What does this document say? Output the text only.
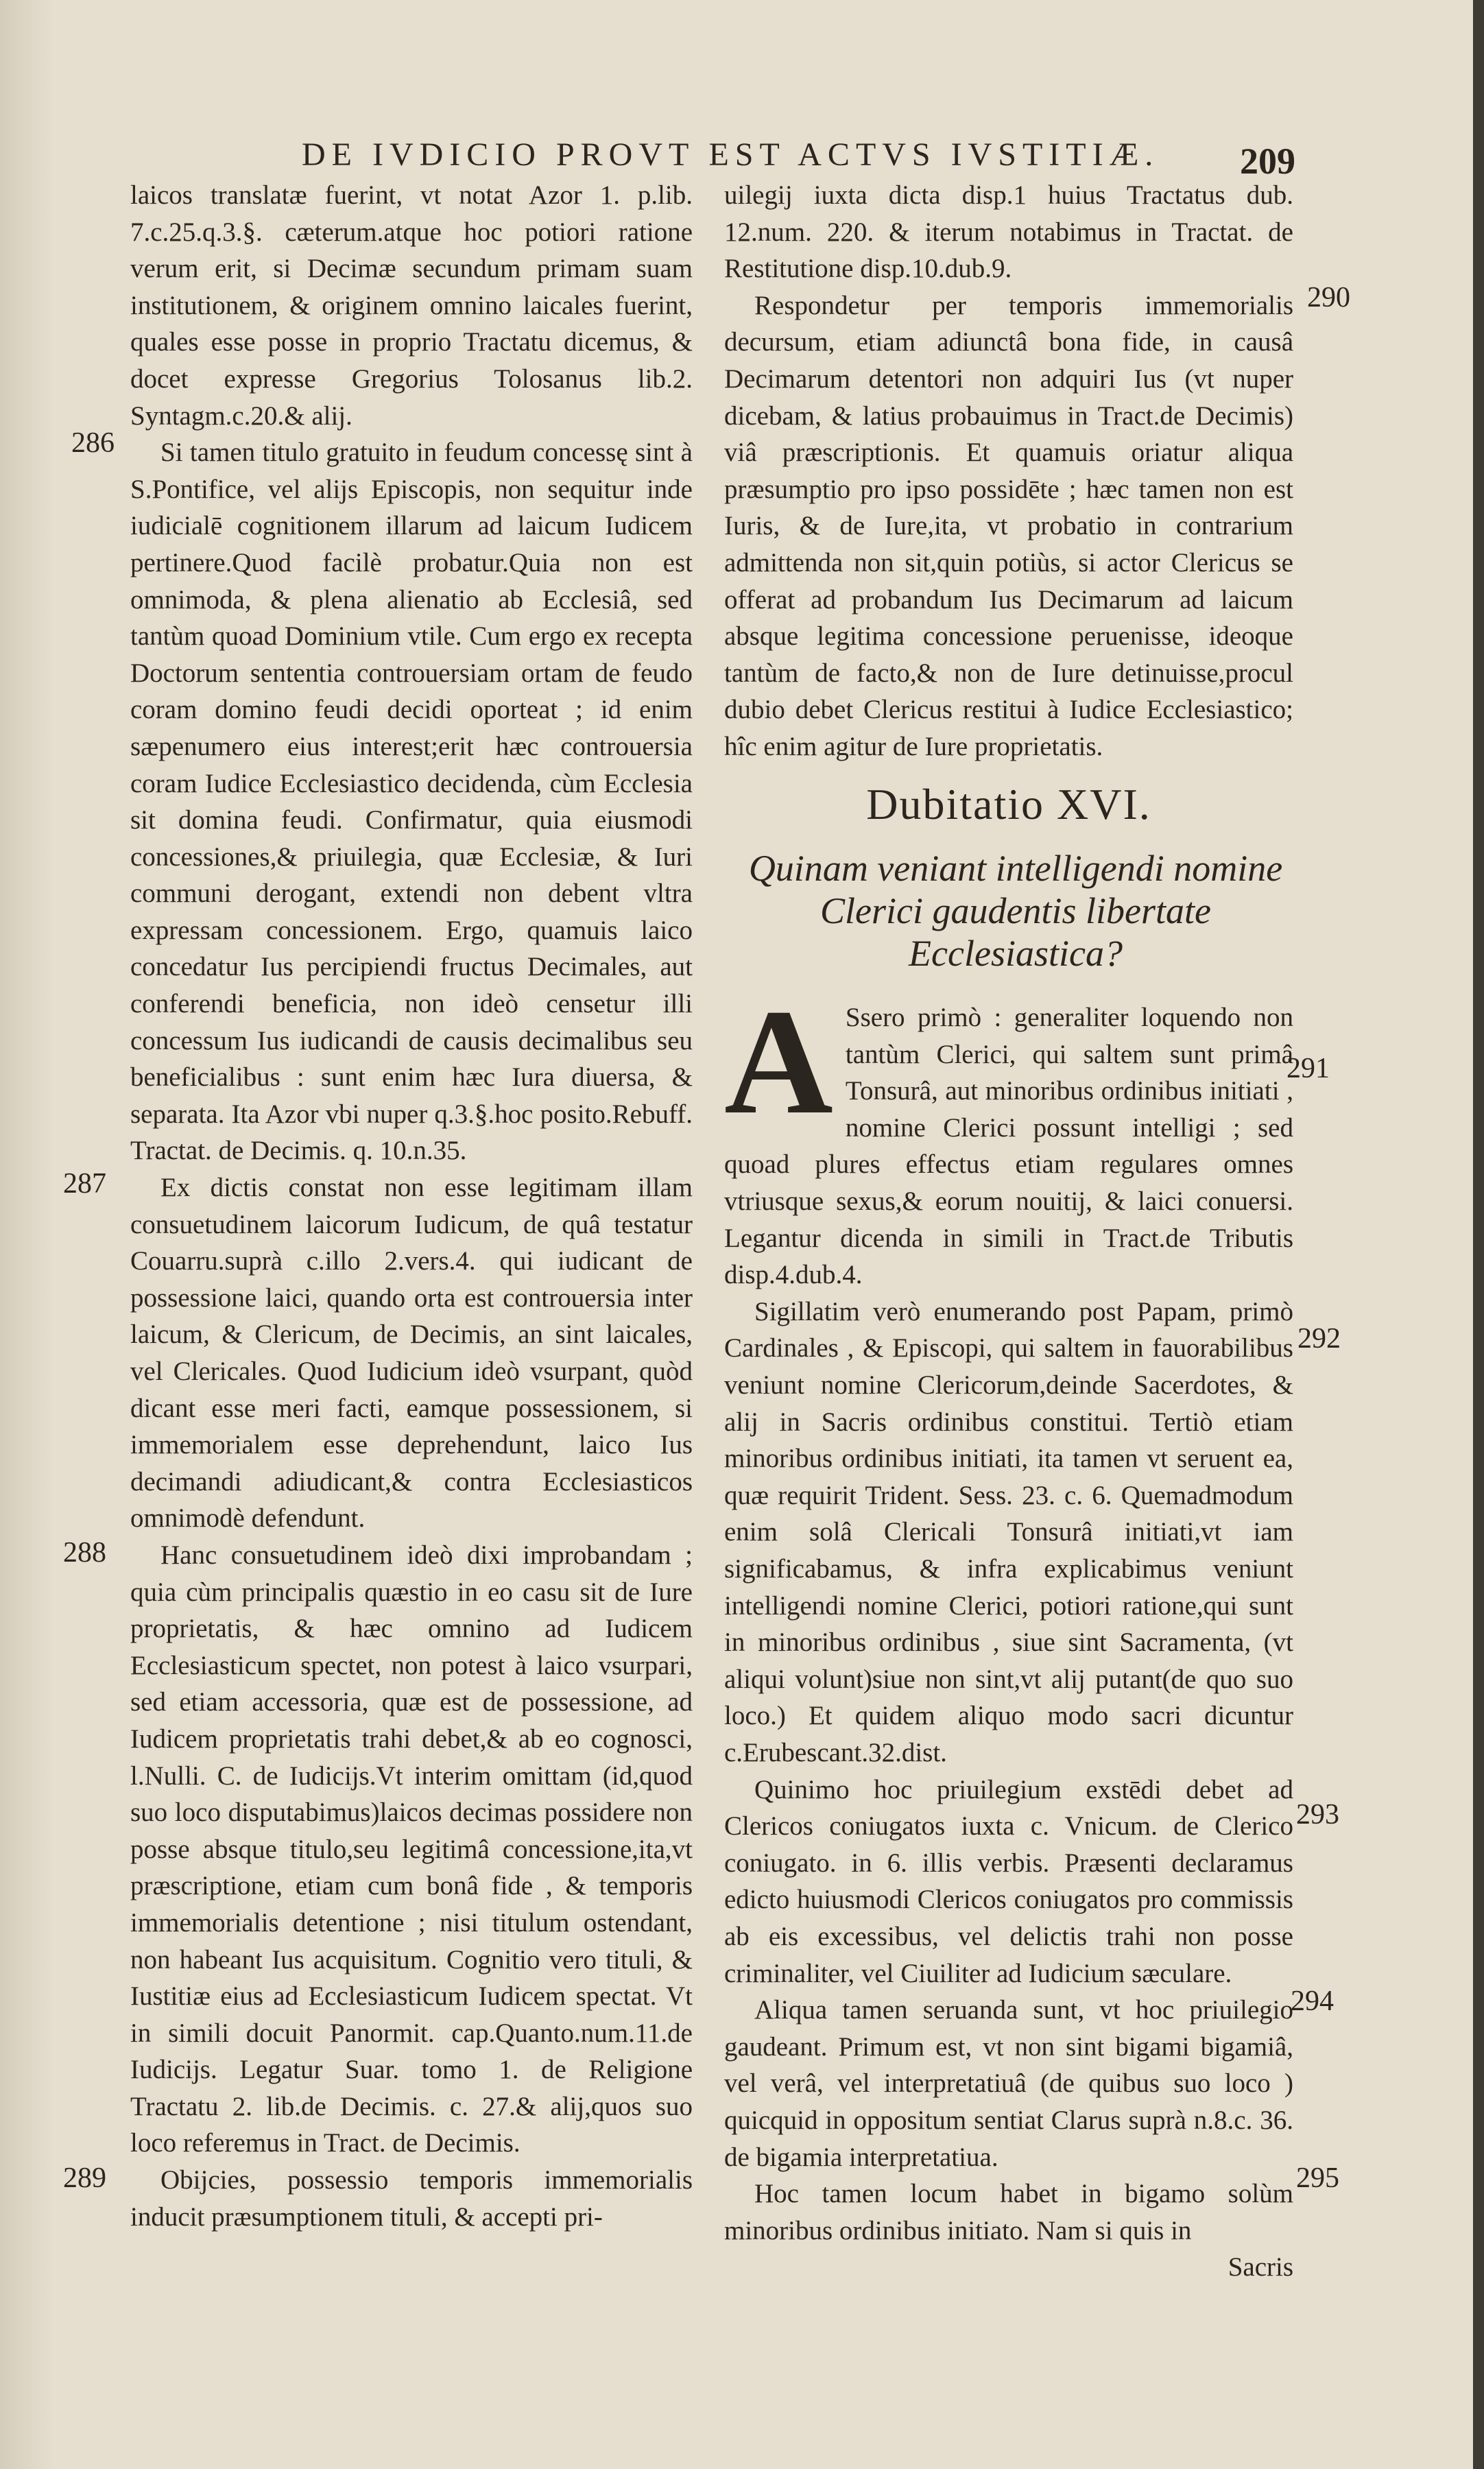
DE IVDICIO PROVT EST ACTVS IVSTITIÆ.	209
286
287
288
289
290
291
292
293
294
295

laicos translatæ fuerint, vt notat Azor 1. p.lib. 7.c.25.q.3.§. cæterum.atque hoc potiori ratione verum erit, si Decimæ secundum primam suam institutionem, & originem omnino laicales fuerint, quales esse posse in proprio Tractatu dicemus, & docet expresse Gregorius Tolosanus lib.2. Syntagm.c.20.& alij.

Si tamen titulo gratuito in feudum concessę sint à S.Pontifice, vel alijs Episcopis, non sequitur inde iudicialē cognitionem illarum ad laicum Iudicem pertinere.Quod facilè probatur.Quia non est omnimoda, & plena alienatio ab Ecclesiâ, sed tantùm quoad Dominium vtile. Cum ergo ex recepta Doctorum sententia controuersiam ortam de feudo coram domino feudi decidi oporteat ; id enim sæpenumero eius interest;erit hæc controuersia coram Iudice Ecclesiastico decidenda, cùm Ecclesia sit domina feudi. Confirmatur, quia eiusmodi concessiones,& priuilegia, quæ Ecclesiæ, & Iuri communi derogant, extendi non debent vltra expressam concessionem. Ergo, quamuis laico concedatur Ius percipiendi fructus Decimales, aut conferendi beneficia, non ideò censetur illi concessum Ius iudicandi de causis decimalibus seu beneficialibus : sunt enim hæc Iura diuersa, & separata. Ita Azor vbi nuper q.3.§.hoc posito.Rebuff. Tractat. de Decimis. q. 10.n.35.

Ex dictis constat non esse legitimam illam consuetudinem laicorum Iudicum, de quâ testatur Couarru.suprà c.illo 2.vers.4. qui iudicant de possessione laici, quando orta est controuersia inter laicum, & Clericum, de Decimis, an sint laicales, vel Clericales. Quod Iudicium ideò vsurpant, quòd dicant esse meri facti, eamque possessionem, si immemorialem esse deprehendunt, laico Ius decimandi adiudicant,& contra Ecclesiasticos omnimodè defendunt.

Hanc consuetudinem ideò dixi improbandam ; quia cùm principalis quæstio in eo casu sit de Iure proprietatis, & hæc omnino ad Iudicem Ecclesiasticum spectet, non potest à laico vsurpari, sed etiam accessoria, quæ est de possessione, ad Iudicem proprietatis trahi debet,& ab eo cognosci, l.Nulli. C. de Iudicijs.Vt interim omittam (id,quod suo loco disputabimus)laicos decimas possidere non posse absque titulo,seu legitimâ concessione,ita,vt præscriptione, etiam cum bonâ fide , & temporis immemorialis detentione ; nisi titulum ostendant, non habeant Ius acquisitum. Cognitio vero tituli, & Iustitiæ eius ad Ecclesiasticum Iudicem spectat. Vt in simili docuit Panormit. cap.Quanto.num.11.de Iudicijs. Legatur Suar. tomo 1. de Religione Tractatu 2. lib.de Decimis. c. 27.& alij,quos suo loco referemus in Tract. de Decimis.

Obijcies, possessio temporis immemorialis inducit præsumptionem tituli, & accepti pri-

uilegij iuxta dicta disp.1 huius Tractatus dub. 12.num. 220. & iterum notabimus in Tractat. de Restitutione disp.10.dub.9.

Respondetur per temporis immemorialis decursum, etiam adiunctâ bona fide, in causâ Decimarum detentori non adquiri Ius (vt nuper dicebam, & latius probauimus in Tract.de Decimis) viâ præscriptionis. Et quamuis oriatur aliqua præsumptio pro ipso possidēte ; hæc tamen non est Iuris, & de Iure,ita, vt probatio in contrarium admittenda non sit,quin potiùs, si actor Clericus se offerat ad probandum Ius Decimarum ad laicum absque legitima concessione peruenisse, ideoque tantùm de facto,& non de Iure detinuisse,procul dubio debet Clericus restitui à Iudice Ecclesiastico; hîc enim agitur de Iure proprietatis.

Dubitatio XVI.
Quinam veniant intelligendi nomine Clerici gaudentis libertate Ecclesiastica?

A Ssero primò : generaliter loquendo non tantùm Clerici, qui saltem sunt primâ Tonsurâ, aut minoribus ordinibus initiati , nomine Clerici possunt intelligi ; sed quoad plures effectus etiam regulares omnes vtriusque sexus,& eorum nouitij, & laici conuersi. Legantur dicenda in simili in Tract.de Tributis disp.4.dub.4.

Sigillatim verò enumerando post Papam, primò Cardinales , & Episcopi, qui saltem in fauorabilibus veniunt nomine Clericorum,deinde Sacerdotes, & alij in Sacris ordinibus constitui. Tertiò etiam minoribus ordinibus initiati, ita tamen vt seruent ea, quæ requirit Trident. Sess. 23. c. 6. Quemadmodum enim solâ Clericali Tonsurâ initiati,vt iam significabamus, & infra explicabimus veniunt intelligendi nomine Clerici, potiori ratione,qui sunt in minoribus ordinibus , siue sint Sacramenta, (vt aliqui volunt)siue non sint,vt alij putant(de quo suo loco.) Et quidem aliquo modo sacri dicuntur c.Erubescant.32.dist.

Quinimo hoc priuilegium exstēdi debet ad Clericos coniugatos iuxta c. Vnicum. de Clerico coniugato. in 6. illis verbis. Præsenti declaramus edicto huiusmodi Clericos coniugatos pro commissis ab eis excessibus, vel delictis trahi non posse criminaliter, vel Ciuiliter ad Iudicium sæculare.

Aliqua tamen seruanda sunt, vt hoc priuilegio gaudeant. Primum est, vt non sint bigami bigamiâ, vel verâ, vel interpretatiuâ (de quibus suo loco ) quicquid in oppositum sentiat Clarus suprà n.8.c. 36. de bigamia interpretatiua.

Hoc tamen locum habet in bigamo solùm minoribus ordinibus initiato. Nam si quis in

Sacris
